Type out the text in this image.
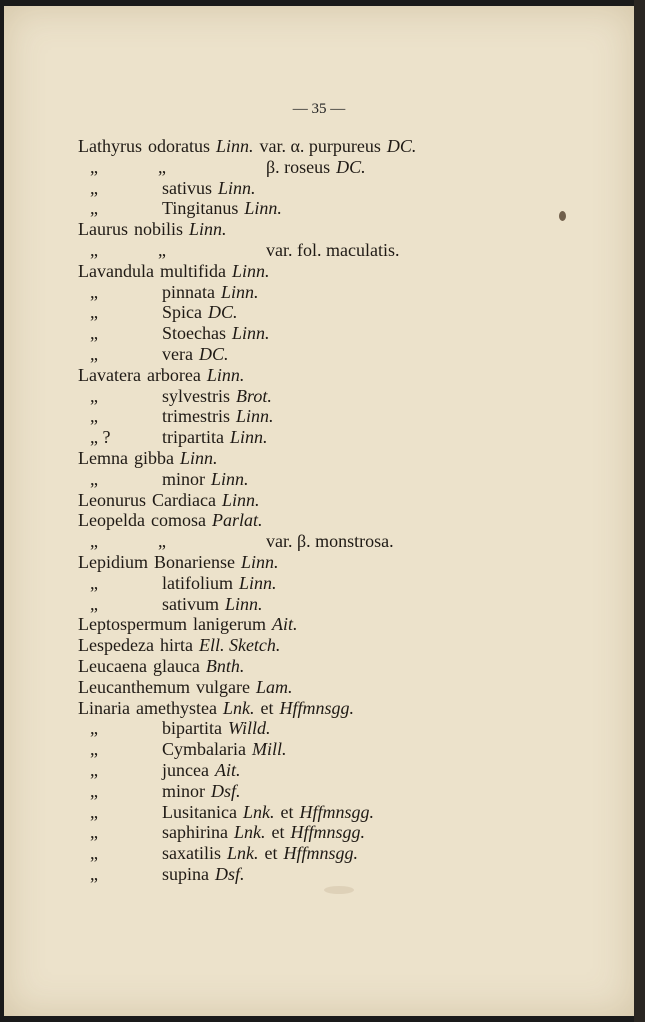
— 35 —
Lathyrus odoratus Linn. var. α. purpureus DC.
„	„	β. roseus DC.
„	sativus Linn.
„	Tingitanus Linn.
Laurus nobilis Linn.
„	„	var. fol. maculatis.
Lavandula multifida Linn.
„	pinnata Linn.
„	Spica DC.
„	Stoechas Linn.
„	vera DC.
Lavatera arborea Linn.
„	sylvestris Brot.
„	trimestris Linn.
„ ?	tripartita Linn.
Lemna gibba Linn.
„	minor Linn.
Leonurus Cardiaca Linn.
Leopelda comosa Parlat.
„	„	var. β. monstrosa.
Lepidium Bonariense Linn.
„	latifolium Linn.
„	sativum Linn.
Leptospermum lanigerum Ait.
Lespedeza hirta Ell. Sketch.
Leucaena glauca Bnth.
Leucanthemum vulgare Lam.
Linaria amethystea Lnk. et Hffmnsgg.
„	bipartita Willd.
„	Cymbalaria Mill.
„	juncea Ait.
„	minor Dsf.
„	Lusitanica Lnk. et Hffmnsgg.
„	saphirina Lnk. et Hffmnsgg.
„	saxatilis Lnk. et Hffmnsgg.
„	supina Dsf.
